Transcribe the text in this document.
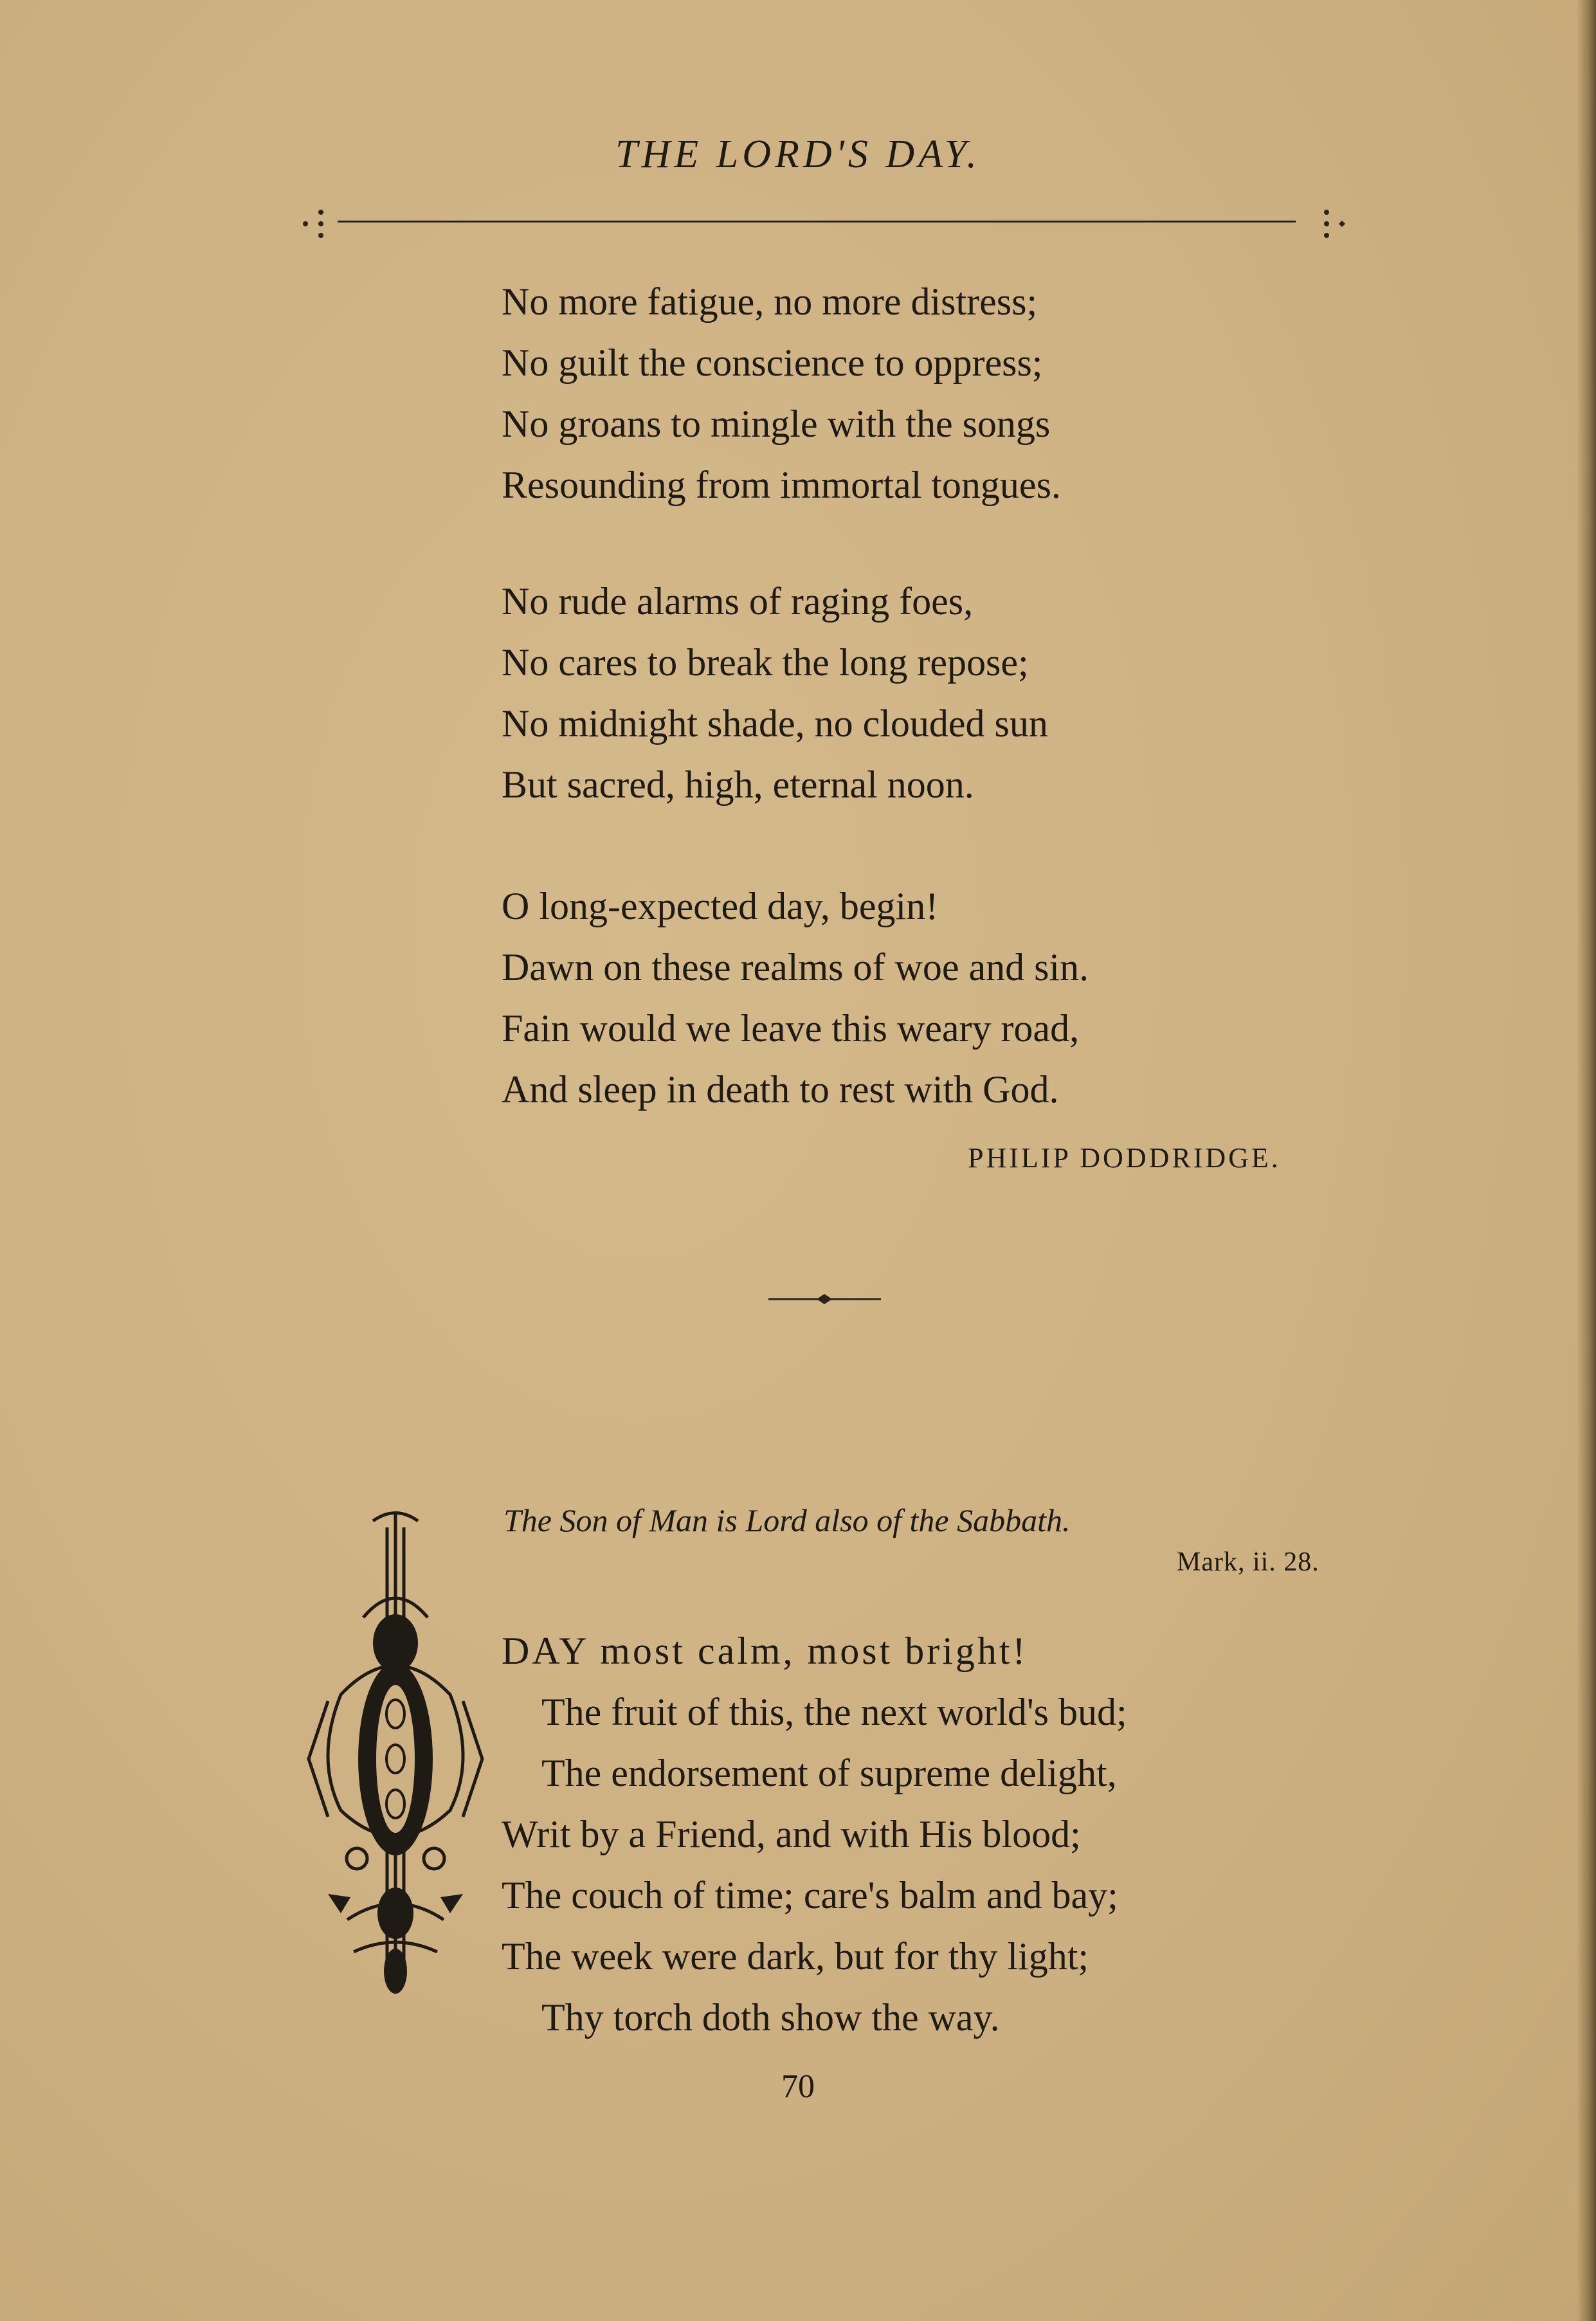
THE LORD'S DAY.
No more fatigue, no more distress;
No guilt the conscience to oppress;
No groans to mingle with the songs
Resounding from immortal tongues.
No rude alarms of raging foes,
No cares to break the long repose;
No midnight shade, no clouded sun
But sacred, high, eternal noon.
O long-expected day, begin!
Dawn on these realms of woe and sin.
Fain would we leave this weary road,
And sleep in death to rest with God.
PHILIP DODDRIDGE.
The Son of Man is Lord also of the Sabbath.
Mark, ii. 28.
DAY most calm, most bright!
The fruit of this, the next world's bud;
The endorsement of supreme delight,
Writ by a Friend, and with His blood;
The couch of time; care's balm and bay;
The week were dark, but for thy light;
Thy torch doth show the way.
70
